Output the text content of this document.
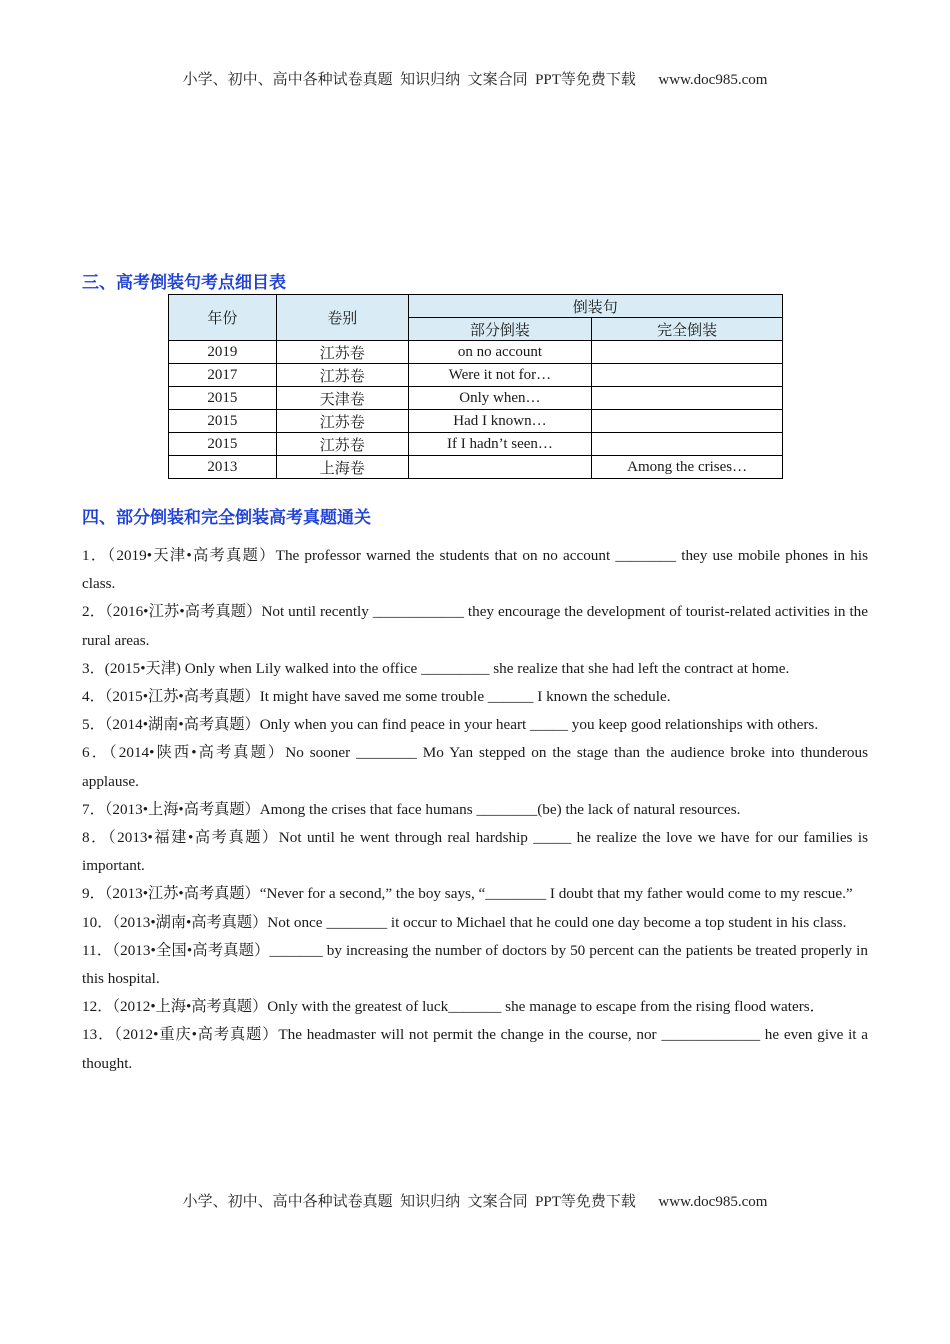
小学、初中、高中各种试卷真题  知识归纳  文案合同  PPT等免费下载      www.doc985.com
三、高考倒装句考点细目表
年份	卷别	倒装句	
		部分倒装	完全倒装
2019	江苏卷	on no account	
2017	江苏卷	Were it not for…	
2015	天津卷	Only when…	
2015	江苏卷	Had I known…	
2015	江苏卷	If I hadn’t seen…	
2013	上海卷		Among the crises…
四、部分倒装和完全倒装高考真题通关

1．（2019•天津•高考真题）The professor warned the students that on no account ________ they use mobile phones in his class.

2．（2016•江苏•高考真题）Not until recently ____________ they encourage the development of tourist-related activities in the rural areas.

3．(2015•天津) Only when Lily walked into the office _________ she realize that she had left the contract at home.

4．（2015•江苏•高考真题）It might have saved me some trouble ______ I known the schedule.

5．（2014•湖南•高考真题）Only when you can find peace in your heart _____ you keep good relationships with others.

6．（2014•陕西•高考真题）No sooner ________ Mo Yan stepped on the stage than the audience broke into thunderous applause.

7．（2013•上海•高考真题）Among the crises that face humans ________(be) the lack of natural resources.

8．（2013•福建•高考真题）Not until he went through real hardship _____ he realize the love we have for our families is important.

9．（2013•江苏•高考真题）“Never for a second,” the boy says, “________ I doubt that my father would come to my rescue.”

10．（2013•湖南•高考真题）Not once ________ it occur to Michael that he could one day become a top student in his class.

11．（2013•全国•高考真题）_______ by increasing the number of doctors by 50 percent can the patients be treated properly in this hospital.

12．（2012•上海•高考真题）Only with the greatest of luck_______ she manage to escape from the rising flood waters．

13．（2012•重庆•高考真题）The headmaster will not permit the change in the course, nor _____________ he even give it a thought.

小学、初中、高中各种试卷真题  知识归纳  文案合同  PPT等免费下载      www.doc985.com
